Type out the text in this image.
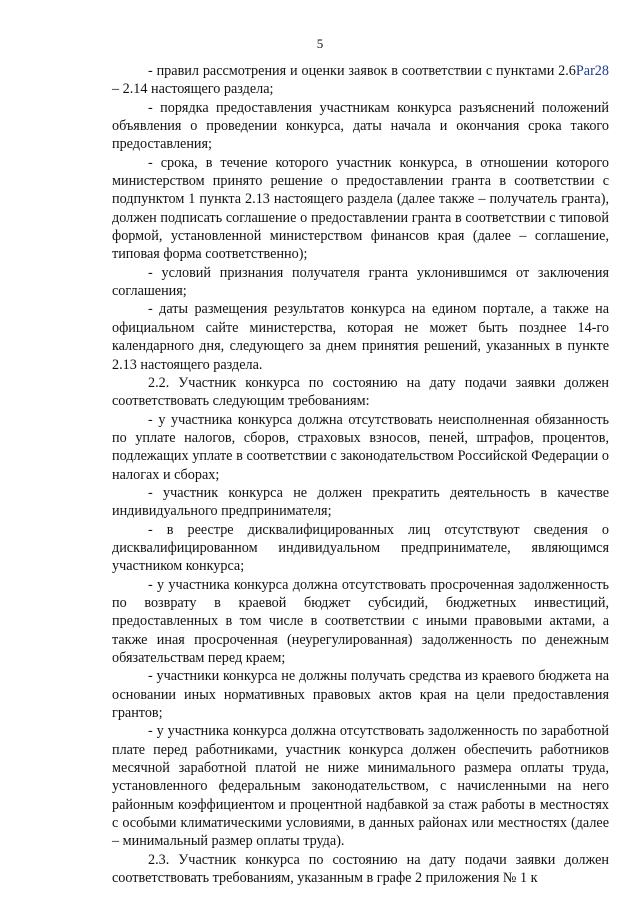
5

- правил рассмотрения и оценки заявок в соответствии с пунктами 2.6Par28 – 2.14 настоящего раздела;

- порядка предоставления участникам конкурса разъяснений положений объявления о проведении конкурса, даты начала и окончания срока такого предоставления;

- срока, в течение которого участник конкурса, в отношении которого министерством принято решение о предоставлении гранта в соответствии с подпунктом 1 пункта 2.13 настоящего раздела (далее также – получатель гранта), должен подписать соглашение о предоставлении гранта в соответствии с типовой формой, установленной министерством финансов края (далее – соглашение, типовая форма соответственно);

- условий признания получателя гранта уклонившимся от заключения соглашения;

- даты размещения результатов конкурса на едином портале, а также на официальном сайте министерства, которая не может быть позднее 14-го календарного дня, следующего за днем принятия решений, указанных в пункте 2.13 настоящего раздела.

2.2. Участник конкурса по состоянию на дату подачи заявки должен соответствовать следующим требованиям:

- у участника конкурса должна отсутствовать неисполненная обязанность по уплате налогов, сборов, страховых взносов, пеней, штрафов, процентов, подлежащих уплате в соответствии с законодательством Российской Федерации о налогах и сборах;

- участник конкурса не должен прекратить деятельность в качестве индивидуального предпринимателя;

- в реестре дисквалифицированных лиц отсутствуют сведения о дисквалифицированном индивидуальном предпринимателе, являющимся участником конкурса;

- у участника конкурса должна отсутствовать просроченная задолженность по возврату в краевой бюджет субсидий, бюджетных инвестиций, предоставленных в том числе в соответствии с иными правовыми актами, а также иная просроченная (неурегулированная) задолженность по денежным обязательствам перед краем;

- участники конкурса не должны получать средства из краевого бюджета на основании иных нормативных правовых актов края на цели предоставления грантов;

- у участника конкурса должна отсутствовать задолженность по заработной плате перед работниками, участник конкурса должен обеспечить работников месячной заработной платой не ниже минимального размера оплаты труда, установленного федеральным законодательством, с начисленными на него районным коэффициентом и процентной надбавкой за стаж работы в местностях с особыми климатическими условиями, в данных районах или местностях (далее – минимальный размер оплаты труда).

2.3. Участник конкурса по состоянию на дату подачи заявки должен соответствовать требованиям, указанным в графе 2 приложения № 1 к
